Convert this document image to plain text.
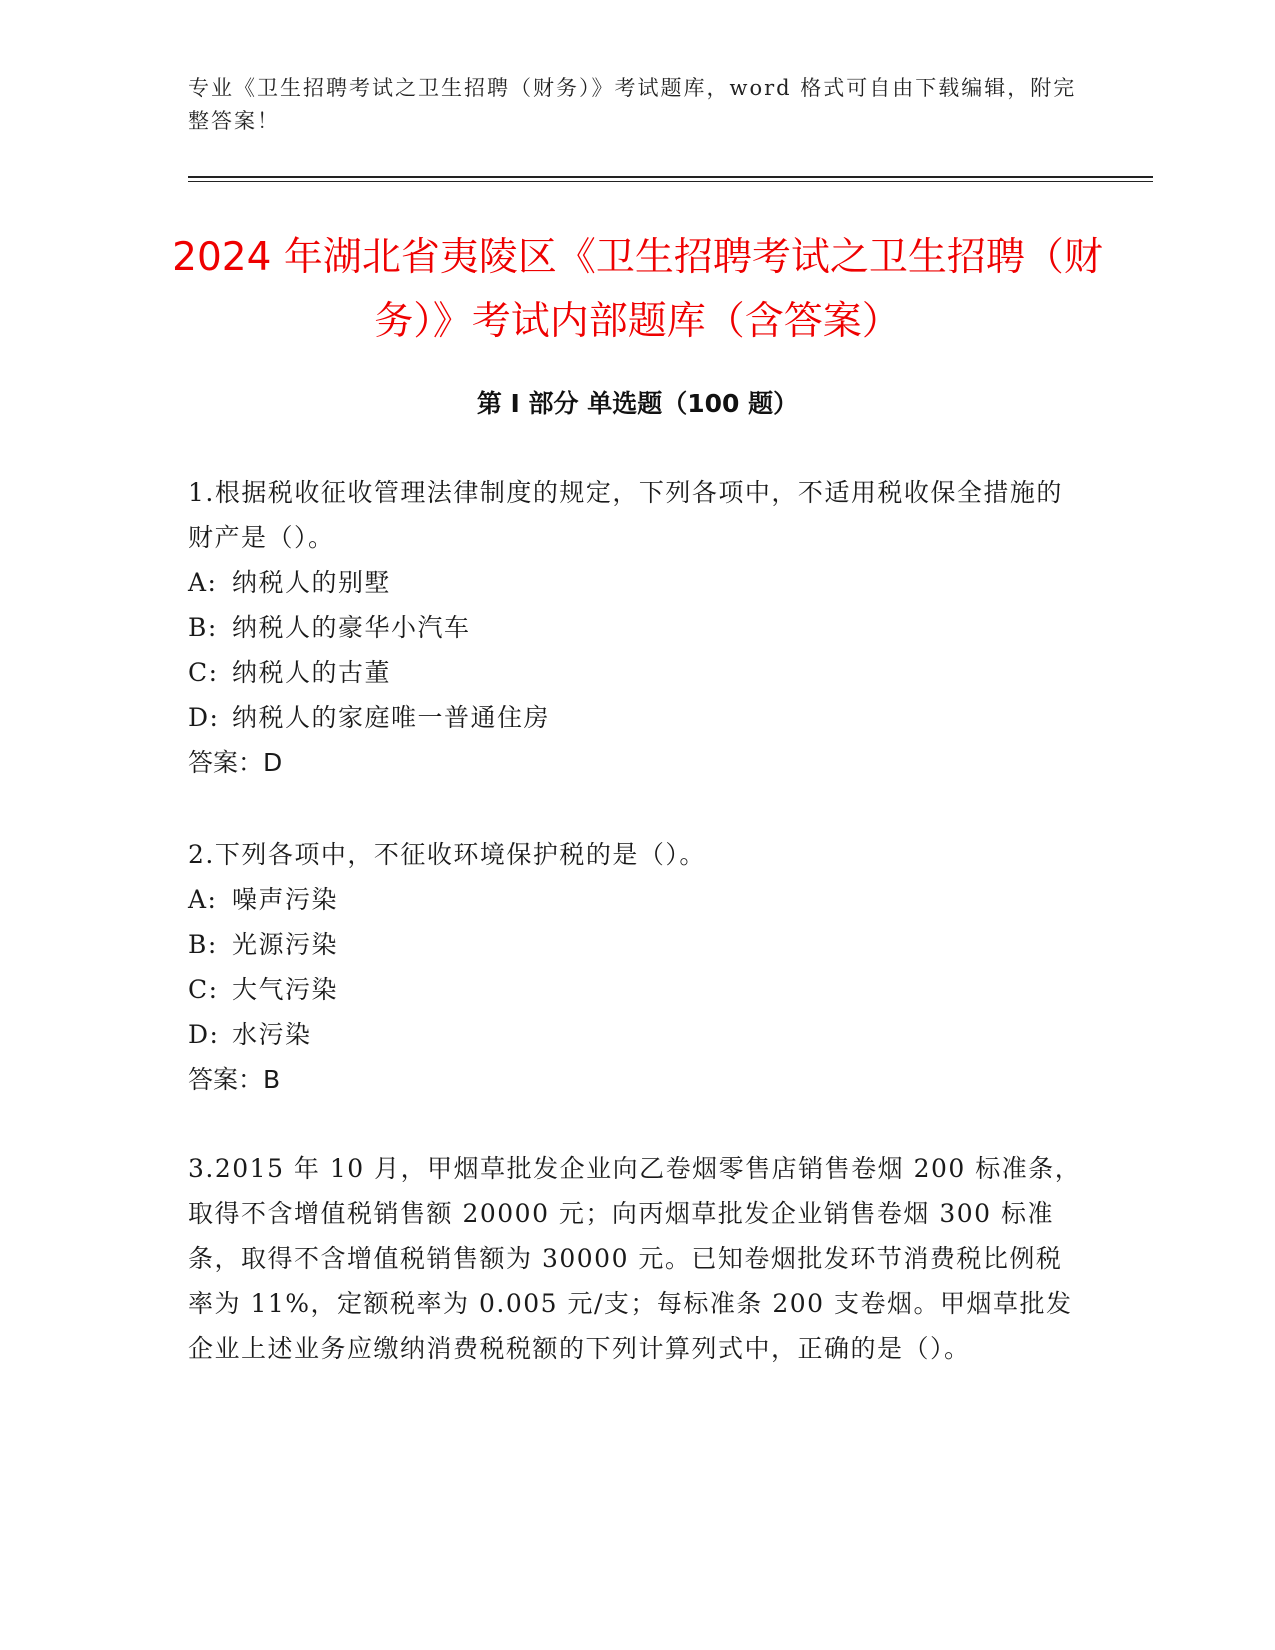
专业《卫生招聘考试之卫生招聘（财务）》考试题库，word 格式可自由下载编辑，附完整答案！
2024 年湖北省夷陵区《卫生招聘考试之卫生招聘（财务）》考试内部题库（含答案）
第 I 部分 单选题（100 题）

1.根据税收征收管理法律制度的规定，下列各项中，不适用税收保全措施的财产是（）。

A: 纳税人的别墅

B: 纳税人的豪华小汽车

C: 纳税人的古董

D: 纳税人的家庭唯一普通住房

答案：D

2.下列各项中，不征收环境保护税的是（）。

A: 噪声污染

B: 光源污染

C: 大气污染

D: 水污染

答案：B

3.2015 年 10 月，甲烟草批发企业向乙卷烟零售店销售卷烟 200 标准条，取得不含增值税销售额 20000 元；向丙烟草批发企业销售卷烟 300 标准条，取得不含增值税销售额为 30000 元。已知卷烟批发环节消费税比例税率为 11%，定额税率为 0.005 元/支；每标准条 200 支卷烟。甲烟草批发企业上述业务应缴纳消费税税额的下列计算列式中，正确的是（）。
